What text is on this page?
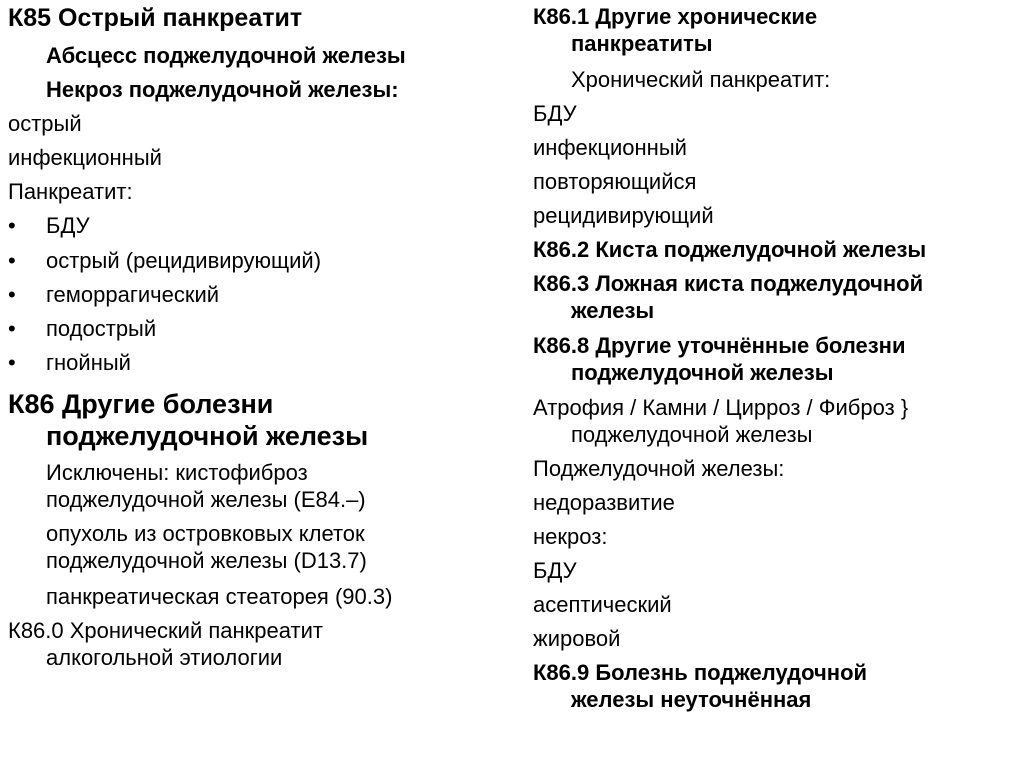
К85 Острый панкреатит
Абсцесс поджелудочной железы
Некроз поджелудочной железы:
острый
инфекционный
Панкреатит:
• БДУ
• острый (рецидивирующий)
• геморрагический
• подострый
• гнойный
К86 Другие болезни
поджелудочной железы
Исключены: кистофиброз
поджелудочной железы (Е84.–)
опухоль из островковых клеток
поджелудочной железы (D13.7)
панкреатическая стеаторея (90.3)
К86.0 Хронический панкреатит
алкогольной этиологии
К86.1 Другие хронические
панкреатиты
Хронический панкреатит:
БДУ
инфекционный
повторяющийся
рецидивирующий
К86.2 Киста поджелудочной железы
К86.3 Ложная киста поджелудочной
железы
К86.8 Другие уточнённые болезни
поджелудочной железы
Атрофия / Камни / Цирроз / Фиброз }
поджелудочной железы
Поджелудочной железы:
недоразвитие
некроз:
БДУ
асептический
жировой
К86.9 Болезнь поджелудочной
железы неуточнённая
